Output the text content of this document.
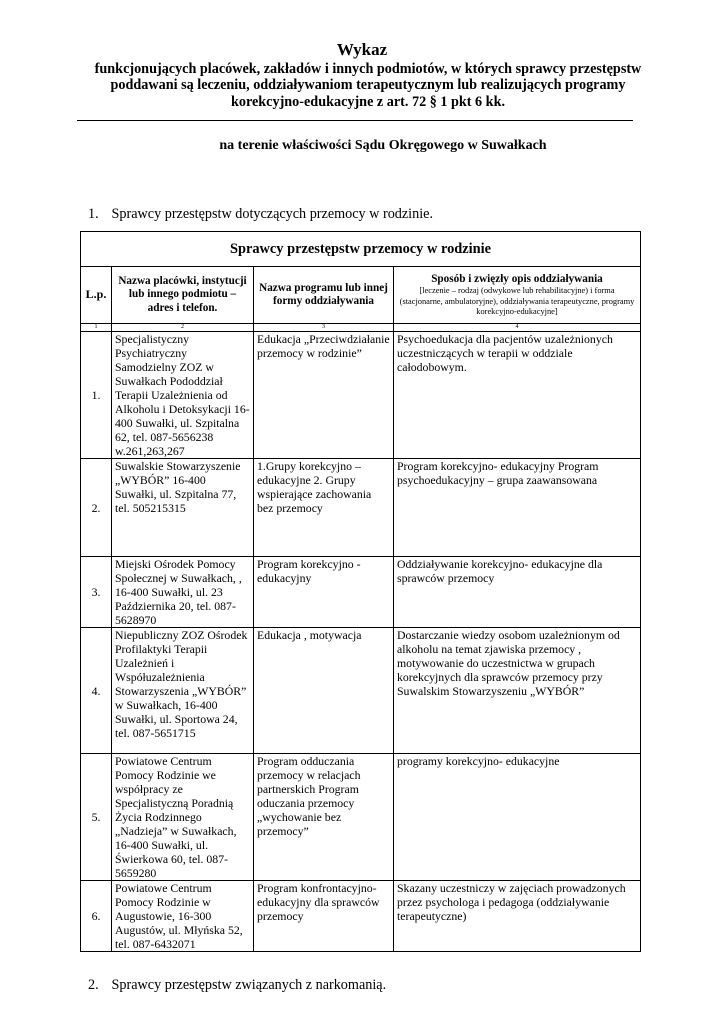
Wykaz
funkcjonujących placówek, zakładów i innych podmiotów, w których sprawcy przestępstw poddawani są leczeniu, oddziaływaniom terapeutycznym lub realizujących programy korekcyjno-edukacyjne z art. 72 § 1 pkt 6 kk.
na terenie właściwości Sądu Okręgowego w Suwałkach
1. Sprawcy przestępstw dotyczących przemocy w rodzinie.
Sprawcy przestępstw przemocy w rodzinie			
L.p.	Nazwa placówki, instytucji lub innego podmiotu – adres i telefon.	Nazwa programu lub innej formy oddziaływania	Sposób i zwięzły opis oddziaływania
[leczenie – rodzaj (odwykowe lub rehabilitacyjne) i forma (stacjonarne, ambulatoryjne), oddziaływania terapeutyczne, programy korekcyjno-edukacyjne]

1	2	3	4
1.	Specjalistyczny Psychiatryczny Samodzielny ZOZ w Suwałkach Pododdział Terapii Uzależnienia od Alkoholu i Detoksykacji 16-400 Suwałki, ul. Szpitalna 62, tel. 087-5656238 w.261,263,267	Edukacja „Przeciwdziałanie przemocy w rodzinie”	Psychoedukacja dla pacjentów uzależnionych uczestniczących w terapii w oddziale całodobowym.
2.	Suwalskie Stowarzyszenie „WYBÓR” 16-400 Suwałki, ul. Szpitalna 77, tel. 505215315	1.Grupy korekcyjno – edukacyjne 2. Grupy wspierające zachowania bez przemocy	Program korekcyjno- edukacyjny Program psychoedukacyjny – grupa zaawansowana
3.	Miejski Ośrodek Pomocy Społecznej w Suwałkach, , 16-400 Suwałki, ul. 23 Października 20, tel. 087-5628970	Program korekcyjno - edukacyjny	Oddziaływanie korekcyjno- edukacyjne dla sprawców przemocy
4.	Niepubliczny ZOZ Ośrodek Profilaktyki Terapii Uzależnień i Współuzależnienia Stowarzyszenia „WYBÓR” w Suwałkach, 16-400 Suwałki, ul. Sportowa 24, tel. 087-5651715	Edukacja , motywacja	Dostarczanie wiedzy osobom uzależnionym od alkoholu na temat zjawiska przemocy , motywowanie do uczestnictwa w grupach korekcyjnych dla sprawców przemocy przy Suwalskim Stowarzyszeniu „WYBÓR”
5.	Powiatowe Centrum Pomocy Rodzinie we współpracy ze Specjalistyczną Poradnią Życia Rodzinnego „Nadzieja” w Suwałkach, 16-400 Suwałki, ul. Świerkowa 60, tel. 087-5659280	Program odduczania przemocy w relacjach partnerskich Program oduczania przemocy „wychowanie bez przemocy”	programy korekcyjno- edukacyjne
6.	Powiatowe Centrum Pomocy Rodzinie w Augustowie, 16-300 Augustów, ul. Młyńska 52, tel. 087-6432071	Program konfrontacyjno-edukacyjny dla sprawców przemocy	Skazany uczestniczy w zajęciach prowadzonych przez psychologa i pedagoga (oddziaływanie terapeutyczne)
2. Sprawcy przestępstw związanych z narkomanią.
